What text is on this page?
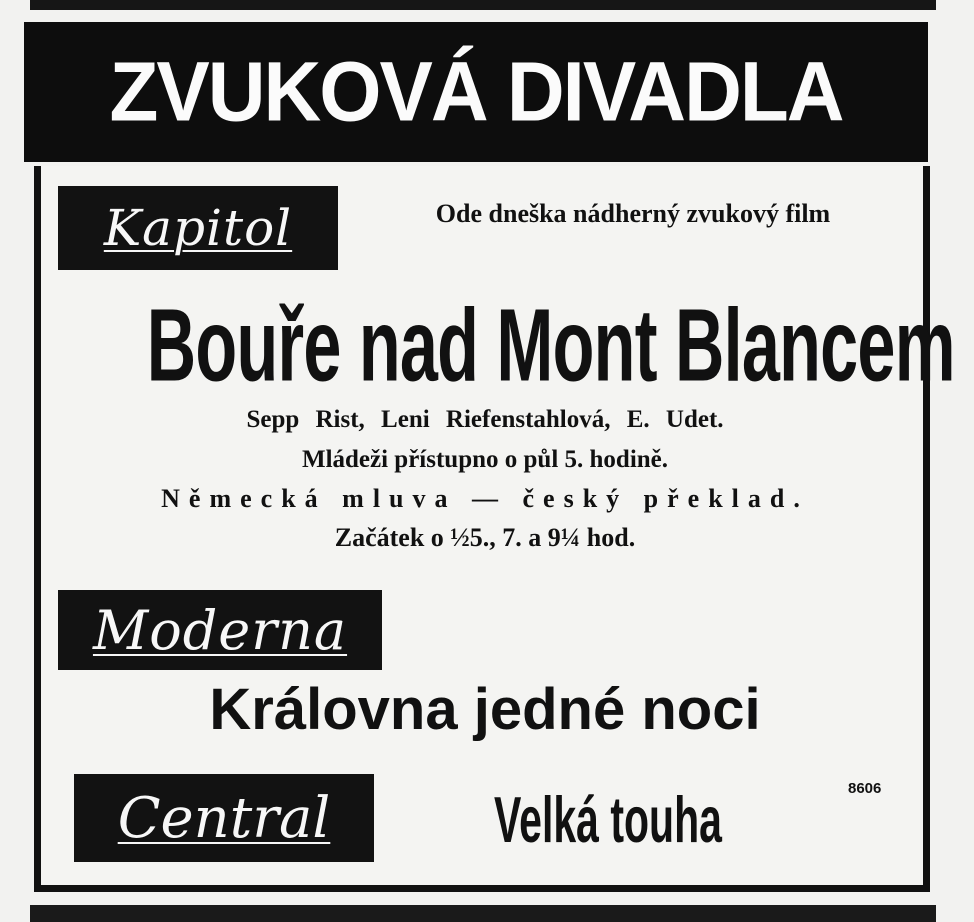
ZVUKOVÁ DIVADLA
Kapitol	Ode dneška nádherný zvukový film
Bouře nad Mont Blancem
Sepp Rist, Leni Riefenstahlová, E. Udet.
Mládeži přístupno o půl 5. hodině.
Německá mluva — český překlad.
Začátek o ½5., 7. a 9¼ hod.
Moderna
Královna jedné noci
Central	Velká touha	8606
